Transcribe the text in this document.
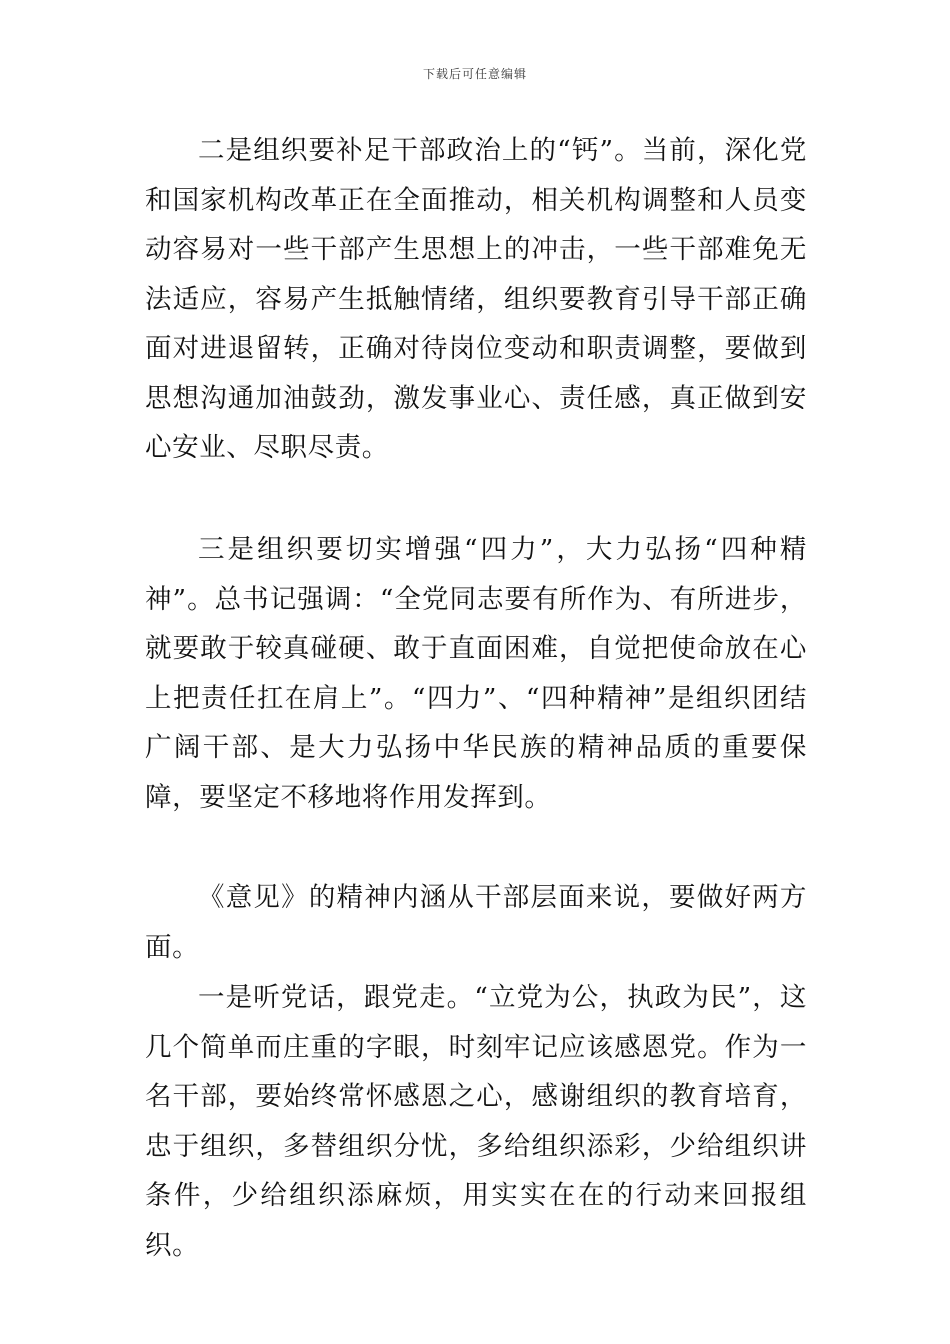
下载后可任意编辑

二是组织要补足干部政治上的“钙”。当前，深化党和国家机构改革正在全面推动，相关机构调整和人员变动容易对一些干部产生思想上的冲击，一些干部难免无法适应，容易产生抵触情绪，组织要教育引导干部正确面对进退留转，正确对待岗位变动和职责调整，要做到思想沟通加油鼓劲，激发事业心、责任感，真正做到安心安业、尽职尽责。

三是组织要切实增强“四力”，大力弘扬“四种精神”。总书记强调：“全党同志要有所作为、有所进步，就要敢于较真碰硬、敢于直面困难，自觉把使命放在心上把责任扛在肩上”。“四力”、“四种精神”是组织团结广阔干部、是大力弘扬中华民族的精神品质的重要保障，要坚定不移地将作用发挥到。

《意见》的精神内涵从干部层面来说，要做好两方面。

一是听党话，跟党走。“立党为公，执政为民”，这几个简单而庄重的字眼，时刻牢记应该感恩党。作为一名干部，要始终常怀感恩之心，感谢组织的教育培育，忠于组织，多替组织分忧，多给组织添彩，少给组织讲条件，少给组织添麻烦，用实实在在的行动来回报组织。
